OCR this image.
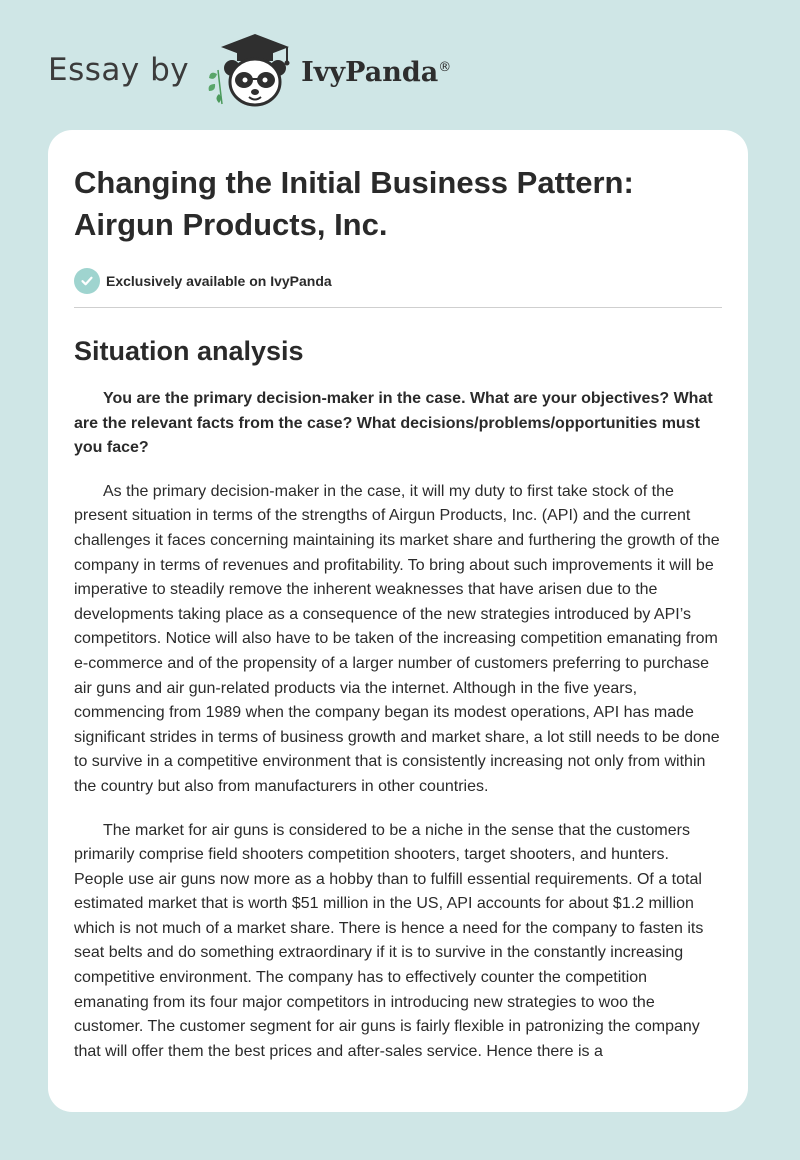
Essay by	IvyPanda®
Changing the Initial Business Pattern: Airgun Products, Inc.
Exclusively available on IvyPanda
Situation analysis

You are the primary decision-maker in the case. What are your objectives? What are the relevant facts from the case? What decisions/problems/opportunities must you face?

As the primary decision-maker in the case, it will my duty to first take stock of the present situation in terms of the strengths of Airgun Products, Inc. (API) and the current challenges it faces concerning maintaining its market share and furthering the growth of the company in terms of revenues and profitability. To bring about such improvements it will be imperative to steadily remove the inherent weaknesses that have arisen due to the developments taking place as a consequence of the new strategies introduced by API’s competitors. Notice will also have to be taken of the increasing competition emanating from e-commerce and of the propensity of a larger number of customers preferring to purchase air guns and air gun-related products via the internet. Although in the five years, commencing from 1989 when the company began its modest operations, API has made significant strides in terms of business growth and market share, a lot still needs to be done to survive in a competitive environment that is consistently increasing not only from within the country but also from manufacturers in other countries.

The market for air guns is considered to be a niche in the sense that the customers primarily comprise field shooters competition shooters, target shooters, and hunters. People use air guns now more as a hobby than to fulfill essential requirements. Of a total estimated market that is worth $51 million in the US, API accounts for about $1.2 million which is not much of a market share. There is hence a need for the company to fasten its seat belts and do something extraordinary if it is to survive in the constantly increasing competitive environment. The company has to effectively counter the competition emanating from its four major competitors in introducing new strategies to woo the customer. The customer segment for air guns is fairly flexible in patronizing the company that will offer them the best prices and after-sales service. Hence there is a
